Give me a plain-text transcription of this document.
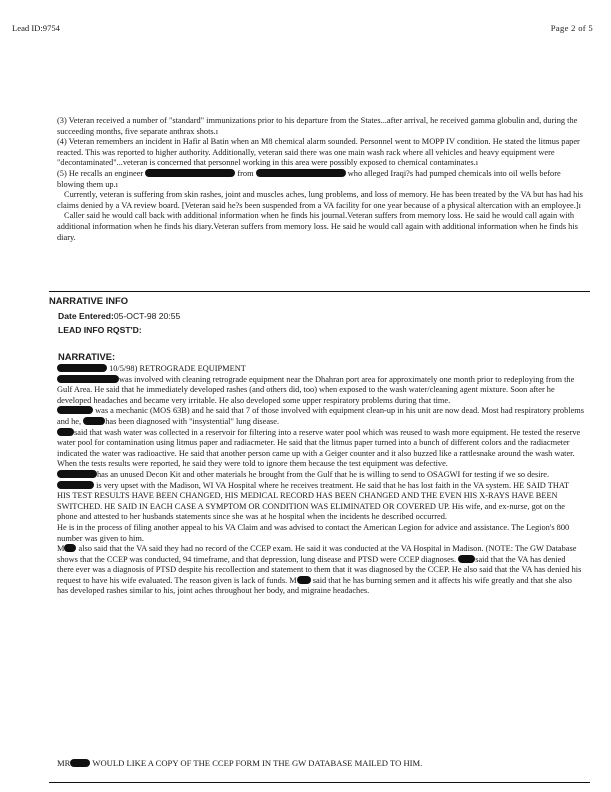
Lead ID:9754	Page 2 of 5

(3) Veteran received a number of "standard" immunizations prior to his departure from the States...after arrival, he received gamma globulin and, during the succeeding months, five separate anthrax shots.ı

(4) Veteran remembers an incident in Hafir al Batin when an M8 chemical alarm sounded. Personnel went to MOPP IV condition. He stated the litmus paper reacted. This was reported to higher authority. Additionally, veteran said there was one main wash rack where all vehicles and heavy equipment were "decontaminated"...veteran is concerned that personnel working in this area were possibly exposed to chemical contaminates.ı

(5) He recalls an engineer	from	who alleged Iraqi?s had pumped chemicals into oil wells before blowing them up.ı

Currently, veteran is suffering from skin rashes, joint and muscles aches, lung problems, and loss of memory. He has been treated by the VA but has had his claims denied by a VA review board. [Veteran said he?s been suspended from a VA facility for one year because of a physical altercation with an employee.]ı

Caller said he would call back with additional information when he finds his journal.Veteran suffers from memory loss. He said he would call again with additional information when he finds his diary.Veteran suffers from memory loss. He said he would call again with additional information when he finds his diary.

NARRATIVE INFO
Date Entered:05-OCT-98 20:55
LEAD INFO RQST'D:
NARRATIVE:

10/5/98) RETROGRADE EQUIPMENT

was involved with cleaning retrograde equipment near the Dhahran port area for approximately one month prior to redeploying from the Gulf Area. He said that he immediately developed rashes (and others did, too) when exposed to the wash water/cleaning agent mixture. Soon after he developed headaches and became very irritable. He also developed some upper respiratory problems during that time.

was a mechanic (MOS 63B) and he said that 7 of those involved with equipment clean-up in his unit are now dead. Most had respiratory problems and he,	has been diagnosed with "insystential" lung disease.

said that wash water was collected in a reservoir for filtering into a reserve water pool which was reused to wash more equipment. He tested the reserve water pool for contamination using litmus paper and radiacmeter. He said that the litmus paper turned into a bunch of different colors and the radiacmeter indicated the water was radioactive. He said that another person came up with a Geiger counter and it also buzzed like a rattlesnake around the wash water. When the tests results were reported, he said they were told to ignore them because the test equipment was defective.

has an unused Decon Kit and other materials he brought from the Gulf that he is willing to send to OSAGWI for testing if we so desire.

is very upset with the Madison, WI VA Hospital where he receives treatment. He said that he has lost faith in the VA system. HE SAID THAT HIS TEST RESULTS HAVE BEEN CHANGED, HIS MEDICAL RECORD HAS BEEN CHANGED AND THE EVEN HIS X-RAYS HAVE BEEN SWITCHED. HE SAID IN EACH CASE A SYMPTOM OR CONDITION WAS ELIMINATED OR COVERED UP. His wife, and ex-nurse, got on the phone and attested to her husbands statements since she was at he hospital when the incidents he described occurred.

He is in the process of filing another appeal to his VA Claim and was advised to contact the American Legion for advice and assistance. The Legion's 800 number was given to him.

M also said that the VA said they had no record of the CCEP exam. He said it was conducted at the VA Hospital in Madison. (NOTE: The GW Database shows that the CCEP was conducted, 94 timeframe, and that depression, lung disease and PTSD were CCEP diagnoses. said that the VA has denied there ever was a diagnosis of PTSD despite his recollection and statement to them that it was diagnosed by the CCEP. He also said that the VA has denied his request to have his wife evaluated. The reason given is lack of funds. M said that he has burning semen and it affects his wife greatly and that she also has developed rashes similar to his, joint aches throughout her body, and migraine headaches.

MR WOULD LIKE A COPY OF THE CCEP FORM IN THE GW DATABASE MAILED TO HIM.
